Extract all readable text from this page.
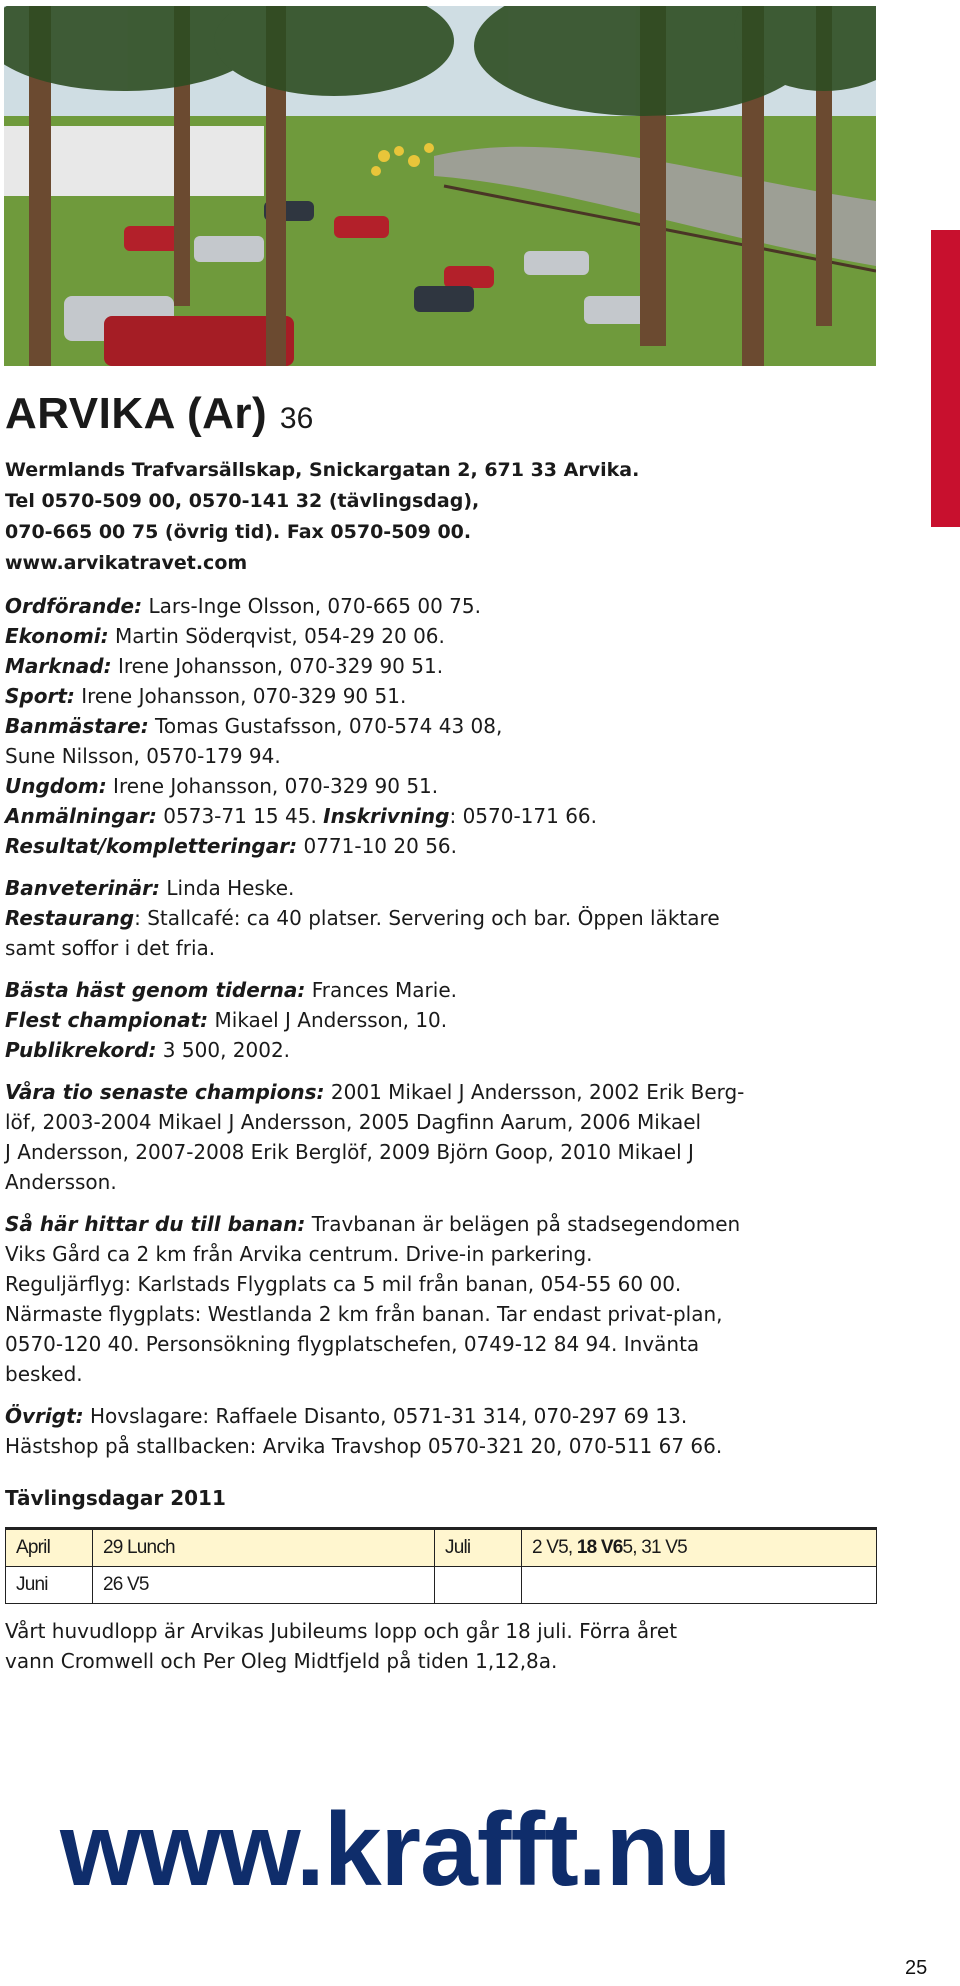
ARVIKA (Ar) 36
Wermlands Trafvarsällskap, Snickargatan 2, 671 33 Arvika.
Tel 0570-509 00, 0570-141 32 (tävlingsdag),
070-665 00 75 (övrig tid). Fax 0570-509 00.
www.arvikatravet.com

Ordförande: Lars-Inge Olsson, 070-665 00 75.

Ekonomi: Martin Söderqvist, 054-29 20 06.

Marknad: Irene Johansson, 070-329 90 51.

Sport: Irene Johansson, 070-329 90 51.

Banmästare: Tomas Gustafsson, 070-574 43 08,

Sune Nilsson, 0570-179 94.

Ungdom: Irene Johansson, 070-329 90 51.

Anmälningar: 0573-71 15 45. Inskrivning: 0570-171 66.

Resultat/kompletteringar: 0771-10 20 56.

Banveterinär: Linda Heske.

Restaurang: Stallcafé: ca 40 platser. Servering och bar. Öppen läktare

samt soffor i det fria.

Bästa häst genom tiderna: Frances Marie.

Flest championat: Mikael J Andersson, 10.

Publikrekord: 3 500, 2002.

Våra tio senaste champions: 2001 Mikael J Andersson, 2002 Erik Berg-

löf, 2003-2004 Mikael J Andersson, 2005 Dagfinn Aarum, 2006 Mikael

J Andersson, 2007-2008 Erik Berglöf, 2009 Björn Goop, 2010 Mikael J

Andersson.

Så här hittar du till banan: Travbanan är belägen på stadsegendomen

Viks Gård ca 2 km från Arvika centrum. Drive-in parkering.

Reguljärflyg: Karlstads Flygplats ca 5 mil från banan, 054-55 60 00.

Närmaste flygplats: Westlanda 2 km från banan. Tar endast privat-plan,

0570-120 40. Personsökning flygplatschefen, 0749-12 84 94. Invänta

besked.

Övrigt: Hovslagare: Raffaele Disanto, 0571-31 314, 070-297 69 13.

Hästshop på stallbacken: Arvika Travshop 0570-321 20, 070-511 67 66.

Tävlingsdagar 2011
April	29 Lunch	Juli	2 V5, 18 V65, 31 V5
Juni	26 V5		

Vårt huvudlopp är Arvikas Jubileums lopp och går 18 juli. Förra året

vann Cromwell och Per Oleg Midtfjeld på tiden 1,12,8a.

www.krafft.nu
25
